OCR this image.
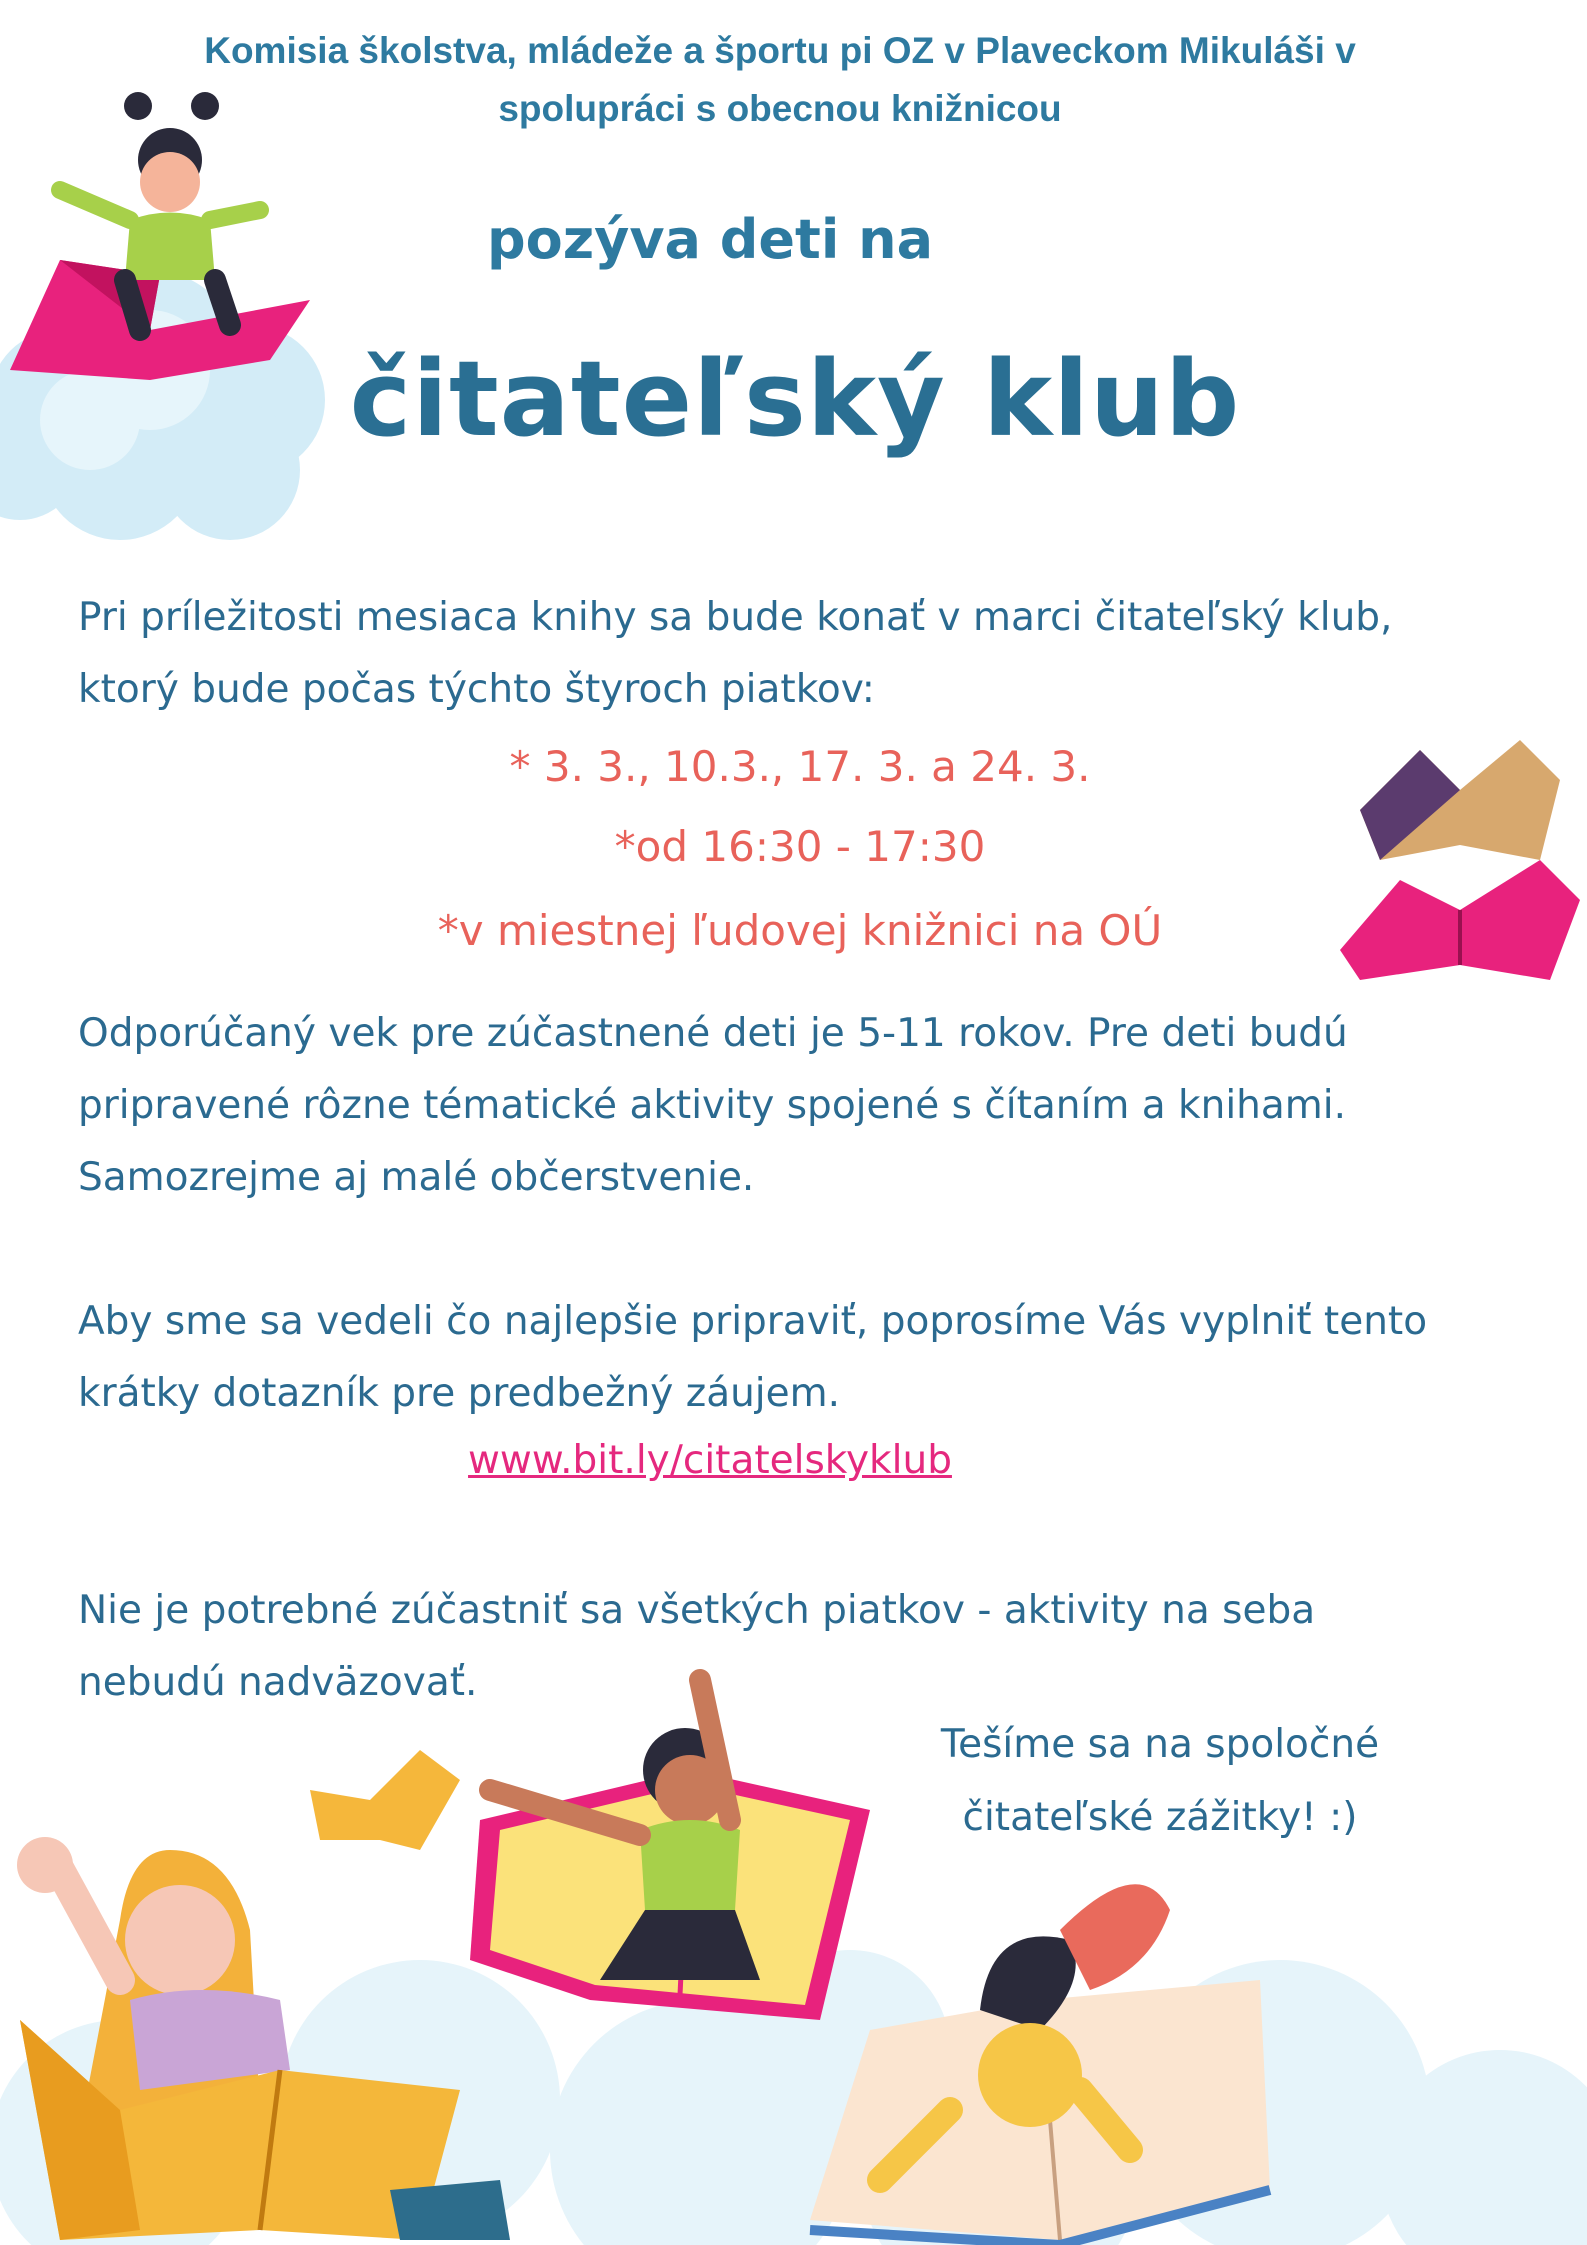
Komisia školstva, mládeže a športu pi OZ v Plaveckom Mikuláši v
spolupráci s obecnou knižnicou
pozýva deti na
čitateľský klub
Pri príležitosti mesiaca knihy sa bude konať v marci čitateľský klub,
ktorý bude počas týchto štyroch piatkov:
* 3. 3., 10.3., 17. 3. a 24. 3.
*od 16:30 - 17:30
*v miestnej ľudovej knižnici na OÚ
Odporúčaný vek pre zúčastnené deti je 5-11 rokov. Pre deti budú
pripravené rôzne tématické aktivity spojené s čítaním a knihami.
Samozrejme aj malé občerstvenie.
Aby sme sa vedeli čo najlepšie pripraviť, poprosíme Vás vyplniť tento
krátky dotazník pre predbežný záujem.
www.bit.ly/citatelskyklub
Nie je potrebné zúčastniť sa všetkých piatkov - aktivity na seba
nebudú nadväzovať.
Tešíme sa na spoločné
čitateľské zážitky! :)
